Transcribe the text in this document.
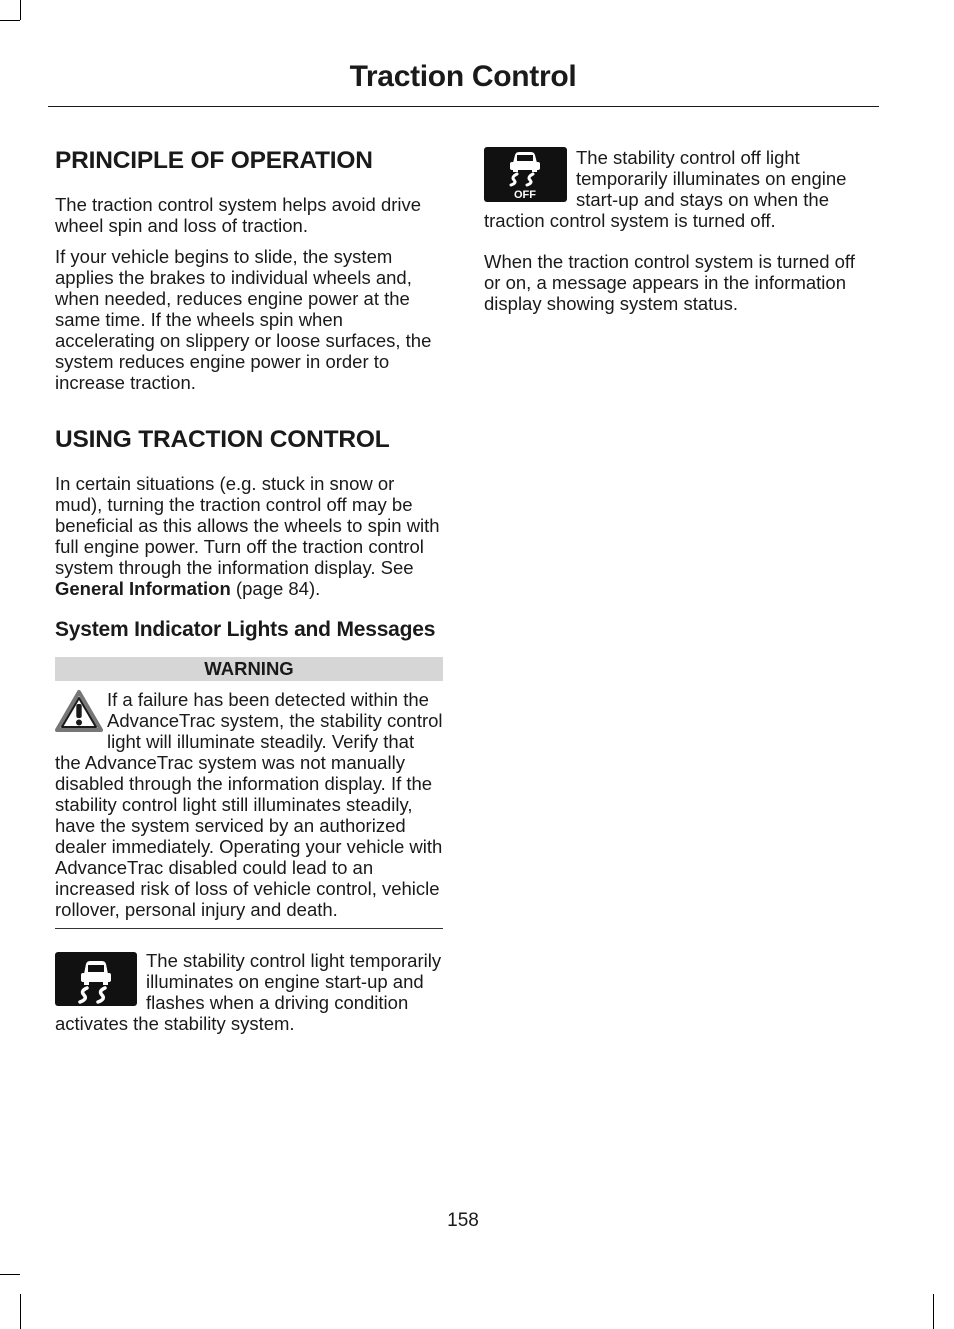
Traction Control
PRINCIPLE OF OPERATION

The traction control system helps avoid drive wheel spin and loss of traction.

If your vehicle begins to slide, the system applies the brakes to individual wheels and, when needed, reduces engine power at the same time. If the wheels spin when accelerating on slippery or loose surfaces, the system reduces engine power in order to increase traction.

USING TRACTION CONTROL

In certain situations (e.g. stuck in snow or mud), turning the traction control off may be beneficial as this allows the wheels to spin with full engine power. Turn off the traction control system through the information display. See General Information (page 84).

System Indicator Lights and Messages
WARNING

If a failure has been detected within the AdvanceTrac system, the stability control light will illuminate steadily. Verify that the AdvanceTrac system was not manually disabled through the information display. If the stability control light still illuminates steadily, have the system serviced by an authorized dealer immediately. Operating your vehicle with AdvanceTrac disabled could lead to an increased risk of loss of vehicle control, vehicle rollover, personal injury and death.

The stability control light temporarily illuminates on engine start-up and flashes when a driving condition activates the stability system.

OFF

The stability control off light temporarily illuminates on engine start-up and stays on when the traction control system is turned off.

When the traction control system is turned off or on, a message appears in the information display showing system status.

158
